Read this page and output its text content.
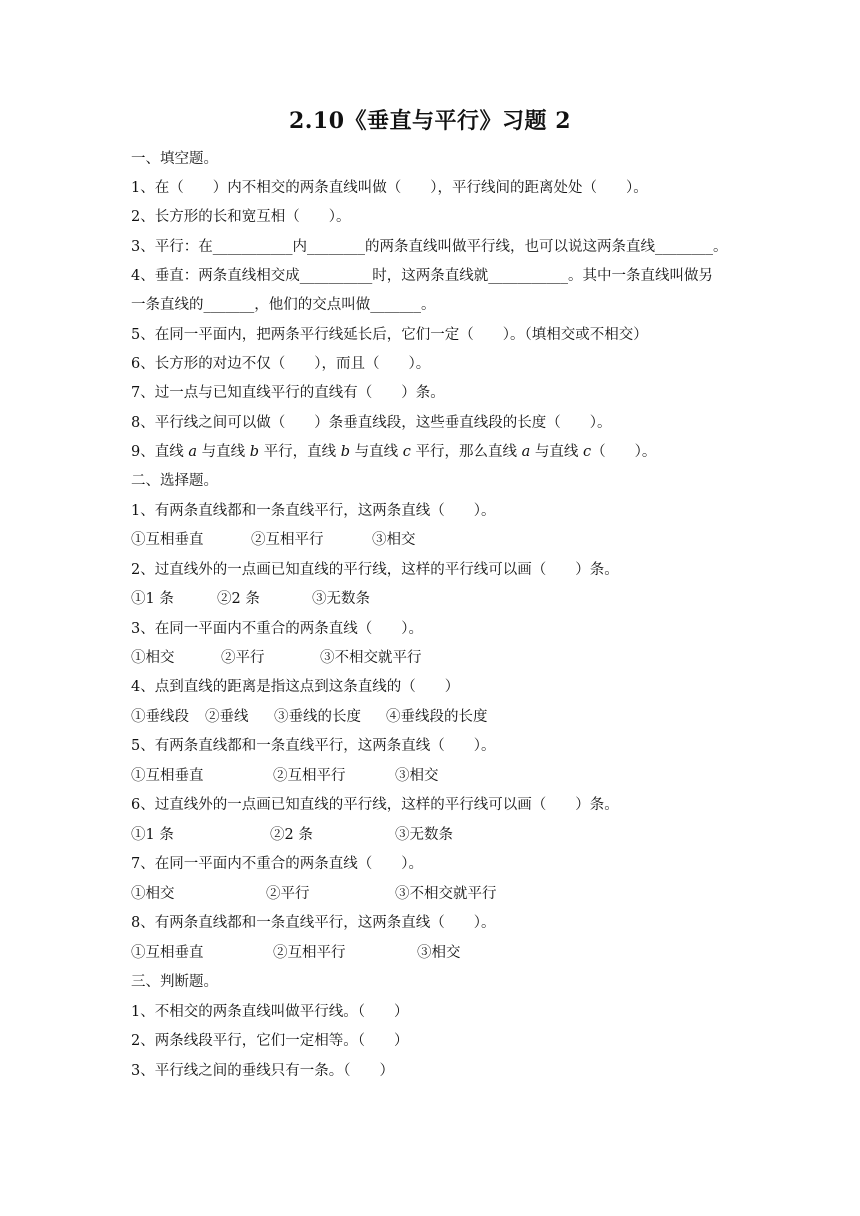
2.10《垂直与平行》习题 2
一、填空题。
1、在（　　）内不相交的两条直线叫做（　　），平行线间的距离处处（　　）。
2、长方形的长和宽互相（　　）。
3、平行：在___________内________的两条直线叫做平行线，也可以说这两条直线________。
4、垂直：两条直线相交成__________时，这两条直线就___________。其中一条直线叫做另
一条直线的_______，他们的交点叫做_______。
5、在同一平面内，把两条平行线延长后，它们一定（　　）。（填相交或不相交）
6、长方形的对边不仅（　　），而且（　　）。
7、过一点与已知直线平行的直线有（　　）条。
8、平行线之间可以做（　　）条垂直线段，这些垂直线段的长度（　　）。
9、直线 a 与直线 b 平行，直线 b 与直线 c 平行，那么直线 a 与直线 c（　　）。
二、选择题。
1、有两条直线都和一条直线平行，这两条直线（　　）。
①互相垂直	②互相平行	③相交
2、过直线外的一点画已知直线的平行线，这样的平行线可以画（　　）条。
①1 条	②2 条	③无数条
3、在同一平面内不重合的两条直线（　　）。
①相交	②平行	③不相交就平行
4、点到直线的距离是指这点到这条直线的（　　）
①垂线段 ②垂线 ③垂线的长度 ④垂线段的长度
5、有两条直线都和一条直线平行，这两条直线（　　）。
①互相垂直	②互相平行	③相交
6、过直线外的一点画已知直线的平行线，这样的平行线可以画（　　）条。
①1 条	②2 条	③无数条
7、在同一平面内不重合的两条直线（　　）。
①相交	②平行	③不相交就平行
8、有两条直线都和一条直线平行，这两条直线（　　）。
①互相垂直	②互相平行	③相交
三、判断题。
1、不相交的两条直线叫做平行线。（　　）
2、两条线段平行，它们一定相等。（　　）
3、平行线之间的垂线只有一条。（　　）
